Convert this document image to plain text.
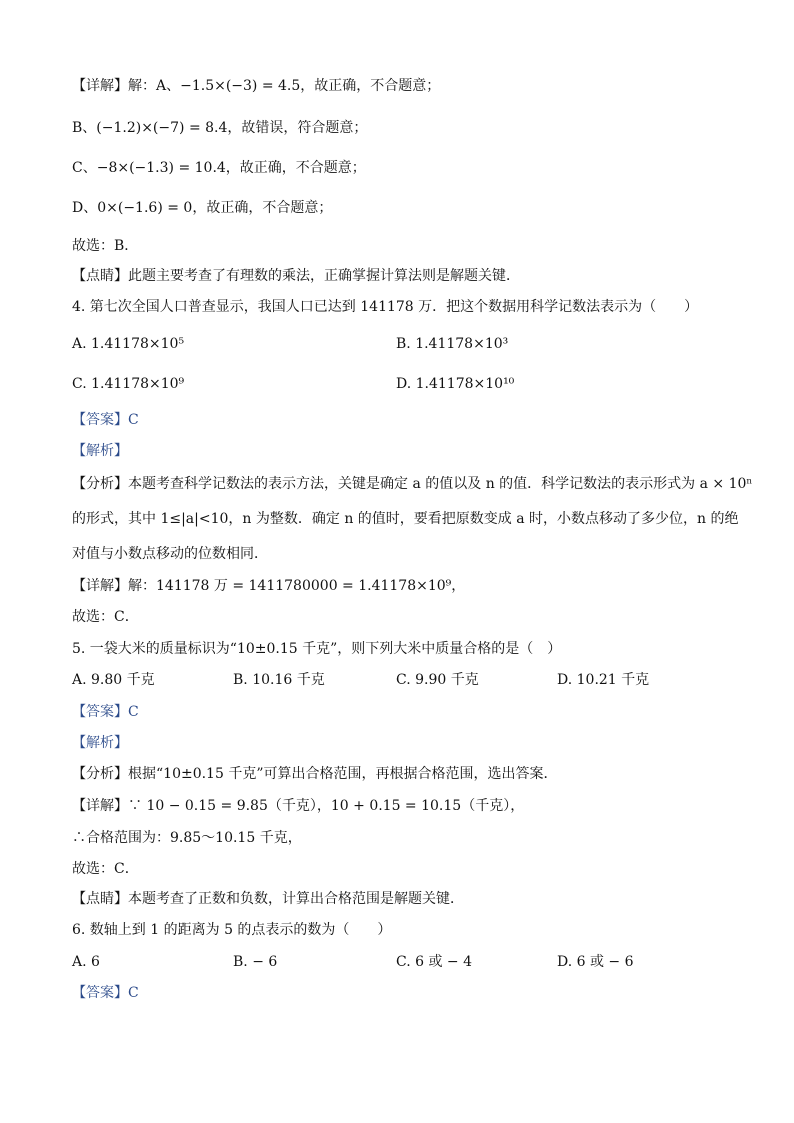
【详解】解：A、−1.5×(−3) = 4.5，故正确，不合题意；
B、(−1.2)×(−7) = 8.4，故错误，符合题意；
C、−8×(−1.3) = 10.4，故正确，不合题意；
D、0×(−1.6) = 0，故正确，不合题意；
故选：B．
【点睛】此题主要考查了有理数的乘法，正确掌握计算法则是解题关键．
4. 第七次全国人口普查显示，我国人口已达到 141178 万．把这个数据用科学记数法表示为（　　）
A. 1.41178×10⁵	B. 1.41178×10³
C. 1.41178×10⁹	D. 1.41178×10¹⁰
【答案】C
【解析】
【分析】本题考查科学记数法的表示方法，关键是确定 a 的值以及 n 的值．科学记数法的表示形式为 a × 10ⁿ
的形式，其中 1≤|a|<10，n 为整数．确定 n 的值时，要看把原数变成 a 时，小数点移动了多少位，n 的绝
对值与小数点移动的位数相同．
【详解】解：141178 万 = 1411780000 = 1.41178×10⁹，
故选：C．
5. 一袋大米的质量标识为“10±0.15 千克”，则下列大米中质量合格的是（　）
A. 9.80 千克	B. 10.16 千克	C. 9.90 千克	D. 10.21 千克
【答案】C
【解析】
【分析】根据“10±0.15 千克”可算出合格范围，再根据合格范围，选出答案．
【详解】∵ 10 − 0.15 = 9.85（千克），10 + 0.15 = 10.15（千克），
∴合格范围为：9.85～10.15 千克，
故选：C．
【点睛】本题考查了正数和负数，计算出合格范围是解题关键．
6. 数轴上到 1 的距离为 5 的点表示的数为（　　）
A. 6	B. − 6	C. 6 或 − 4	D. 6 或 − 6
【答案】C
